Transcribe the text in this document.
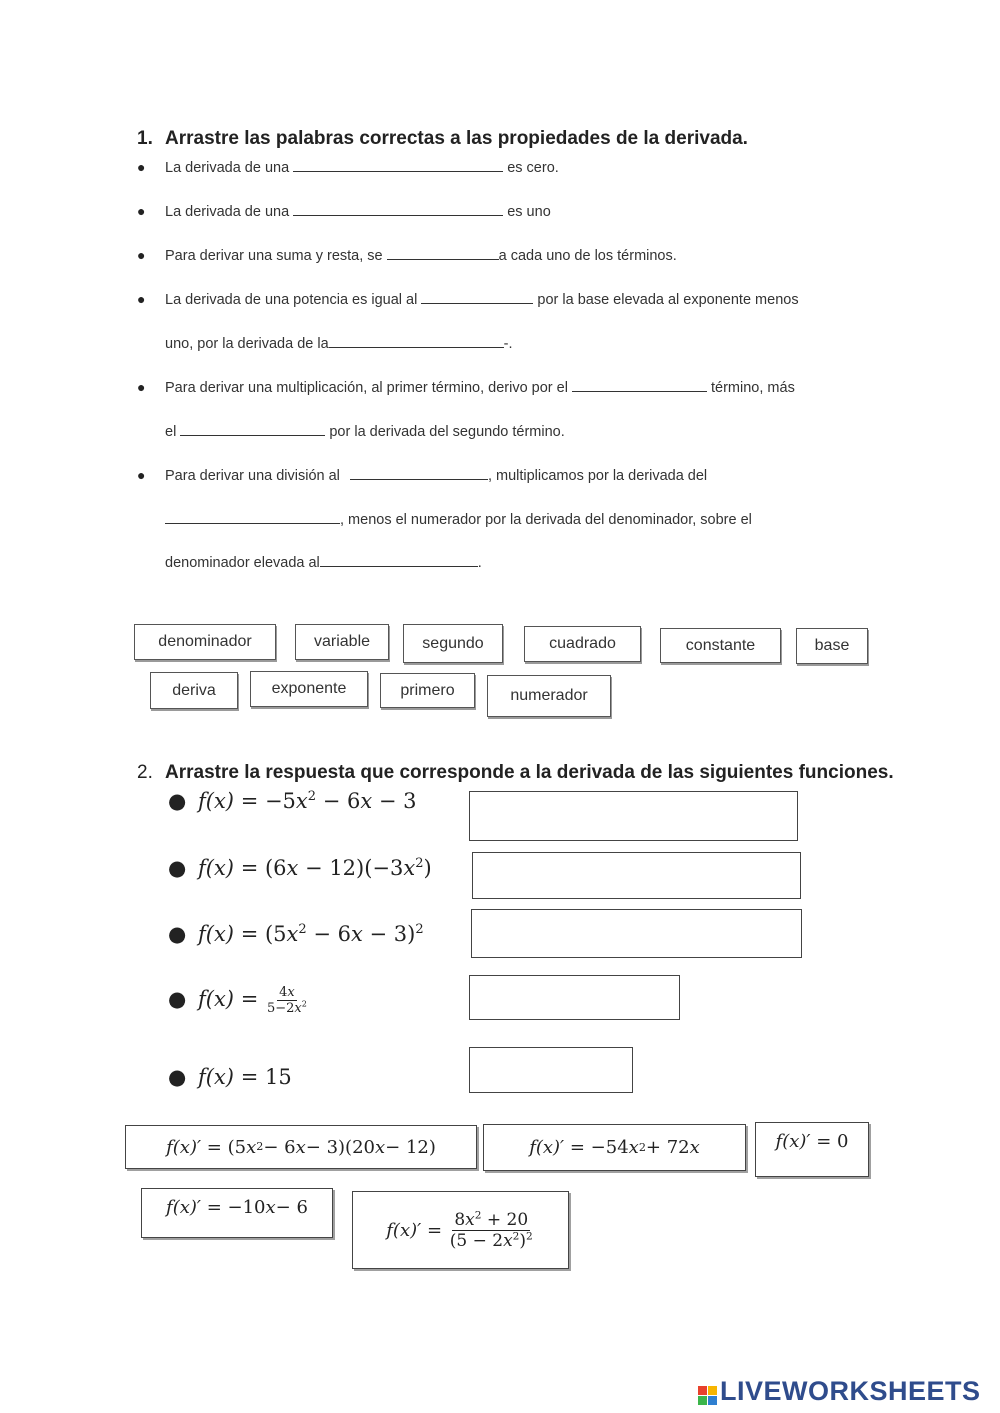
1. Arrastre las palabras correctas a las propiedades de la derivada.
● La derivada de una	es cero.
● La derivada de una	es uno
● Para derivar una suma y resta, se	a cada uno de los términos.
● La derivada de una potencia es igual al	por la base elevada al exponente menos
uno, por la derivada de la	-.
● Para derivar una multiplicación, al primer término, derivo por el	término, más
el	por la derivada del segundo término.
● Para derivar una división al	, multiplicamos por la derivada del
, menos el numerador por la derivada del denominador, sobre el
denominador elevada al	.
denominador	variable	segundo	cuadrado	constante	base
deriva	exponente	primero	numerador
2. Arrastre la respuesta que corresponde a la derivada de las siguientes funciones.
● $f(x) = -5x^2 - 6x - 3$
● $f(x) = (6x - 12)(-3x^2)$
● $f(x) = (5x^2 - 6x - 3)^2$
● $f(x) = \frac{4x}{5-2x^2}$
● f(x) = 15
f(x)′ = (5 x 2 − 6 x − 3)(20 x − 12)	f(x)′ = −54 x 2 + 72 x	f(x)′ = 0
f(x)′ = −10 x − 6
$f(x)' = \frac{8x^2 + 20}{(5 - 2x^2)^2}$
LIVEWORKSHEETS
